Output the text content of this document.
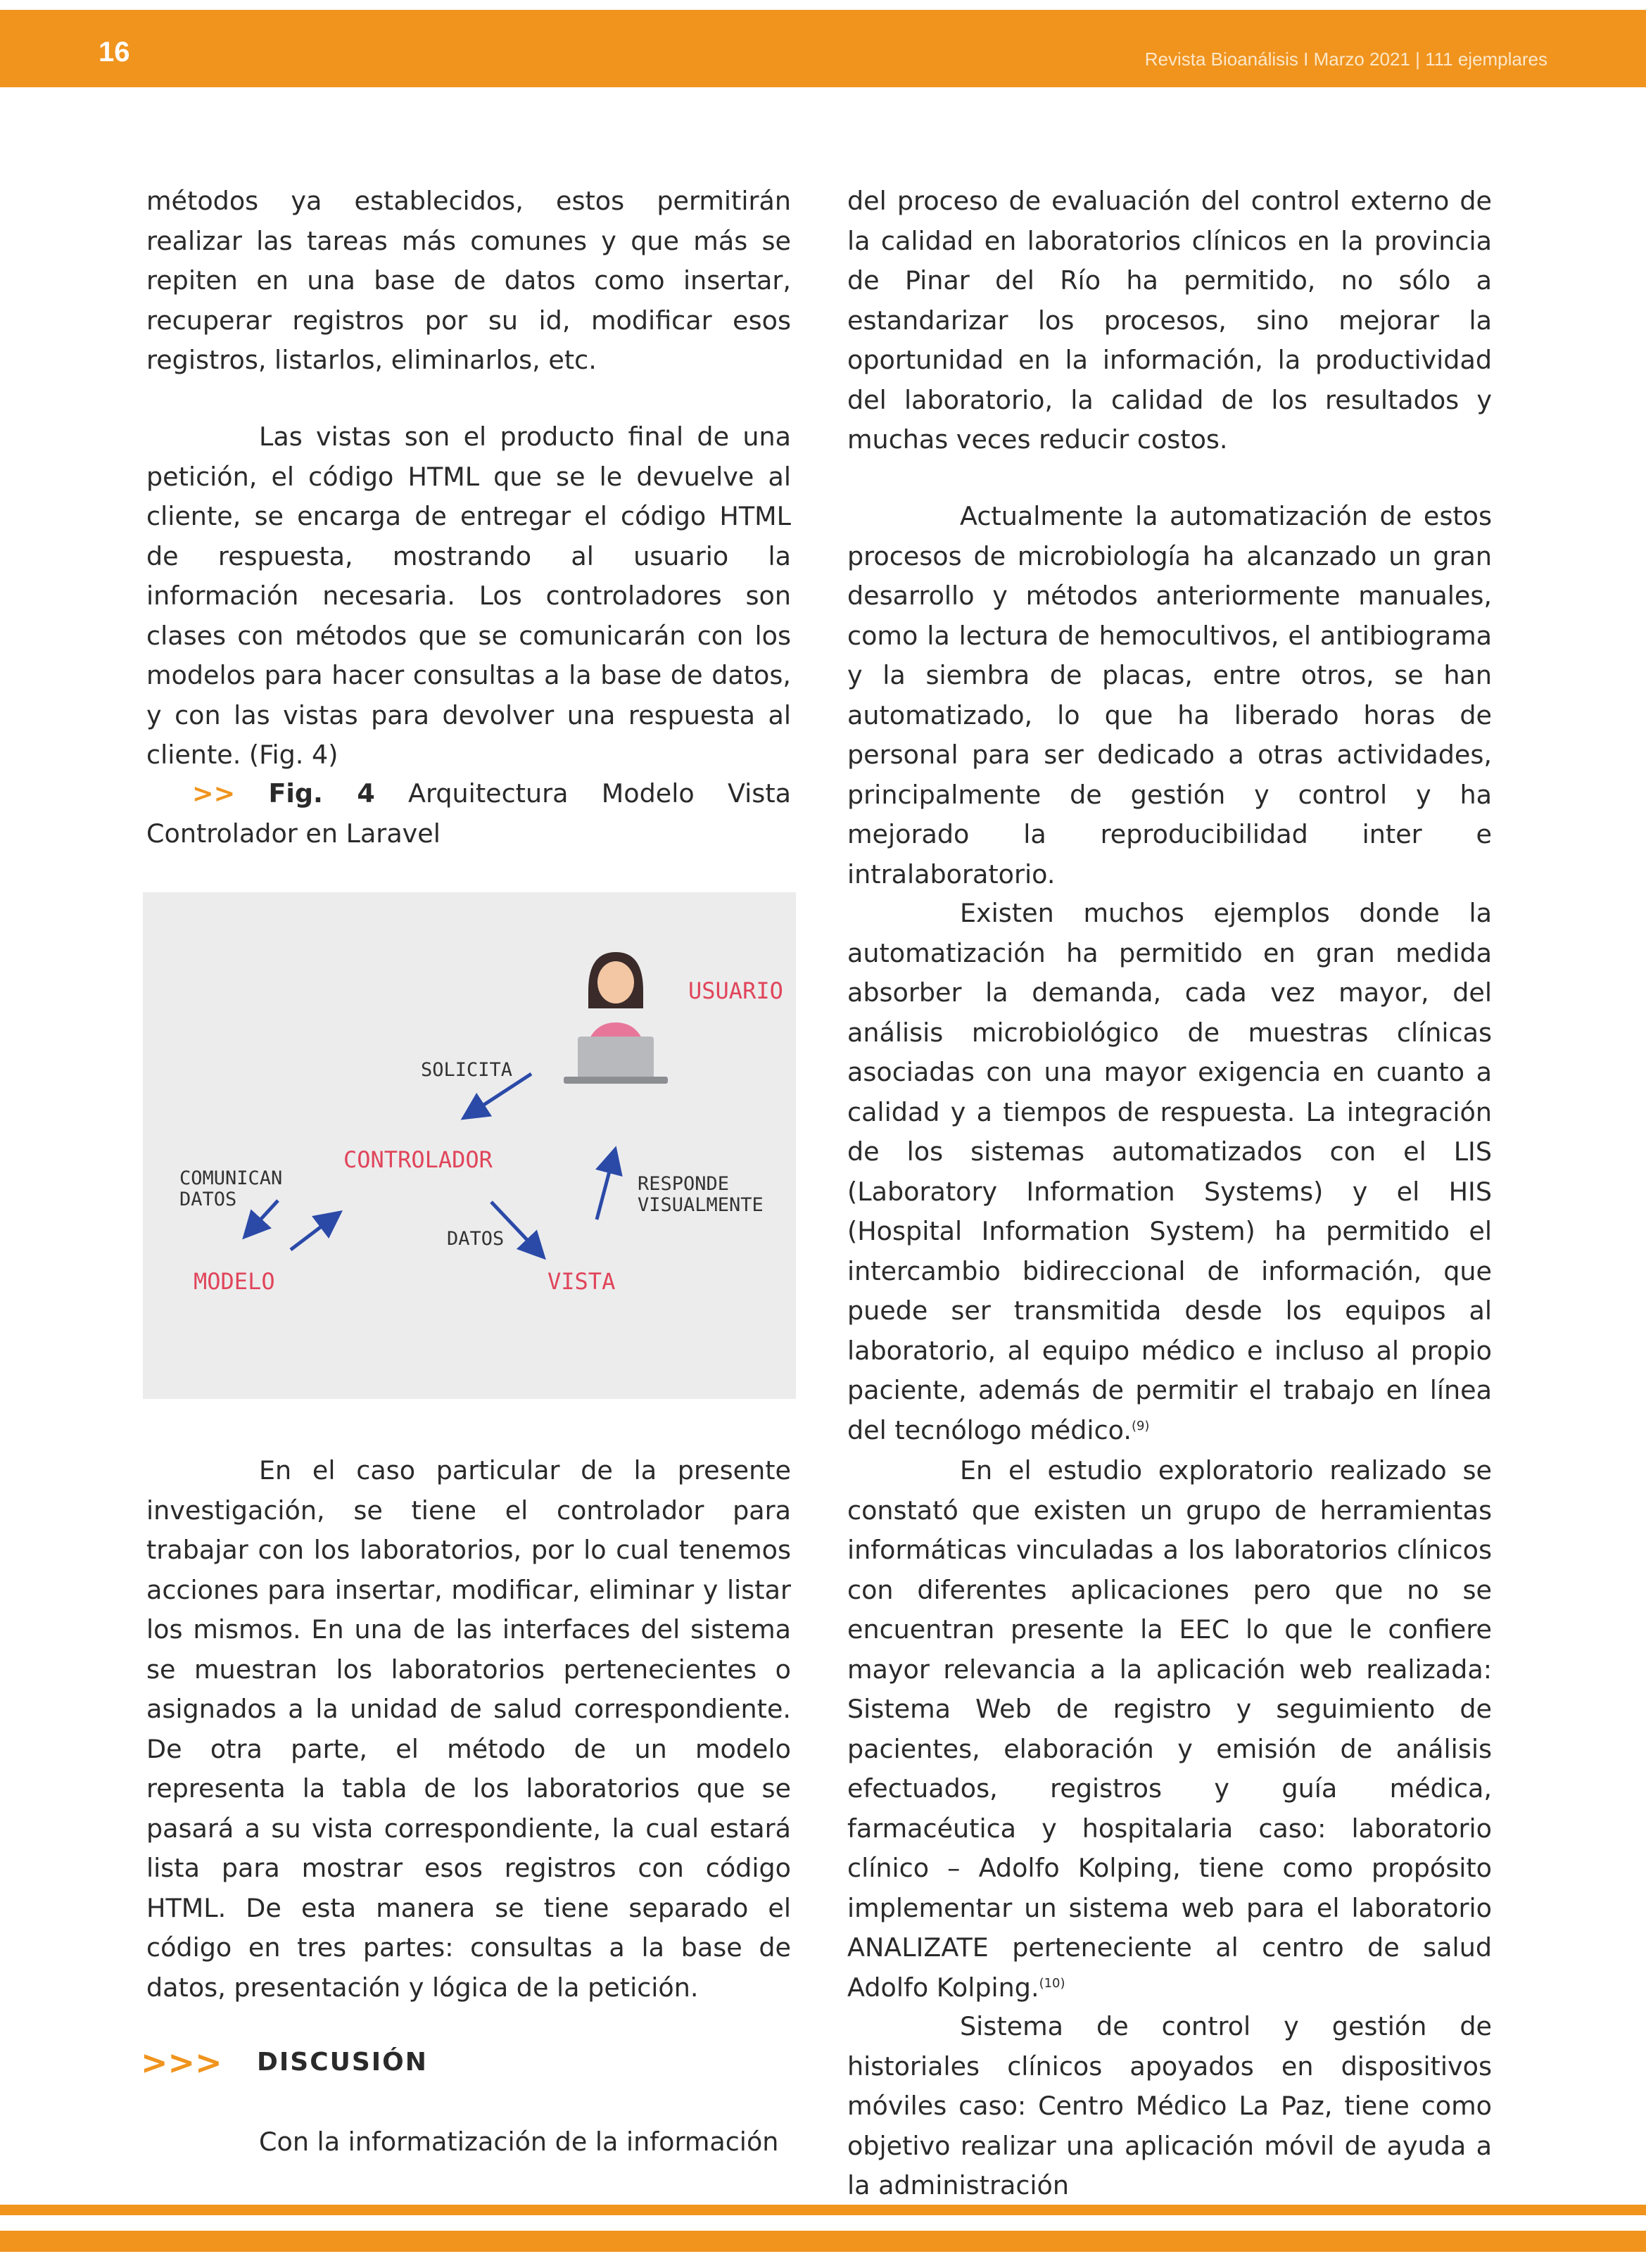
16	Revista Bioanálisis I Marzo 2021 | 111 ejemplares

métodos ya establecidos, estos permitirán realizar las tareas más comunes y que más se repiten en una base de datos como insertar, recuperar registros por su id, modificar esos registros, listarlos, eliminarlos, etc.

Las vistas son el producto final de una petición, el código HTML que se le devuelve al cliente, se encarga de entregar el código HTML de respuesta, mostrando al usuario la información necesaria. Los controladores son clases con métodos que se comunicarán con los modelos para hacer consultas a la base de datos, y con las vistas para devolver una respuesta al cliente. (Fig. 4)

>> Fig. 4 Arquitectura Modelo Vista Controlador en Laravel

En el caso particular de la presente investigación, se tiene el controlador para trabajar con los laboratorios, por lo cual tenemos acciones para insertar, modificar, eliminar y listar los mismos. En una de las interfaces del sistema se muestran los laboratorios pertenecientes o asignados a la unidad de salud correspondiente. De otra parte, el método de un modelo representa la tabla de los laboratorios que se pasará a su vista correspondiente, la cual estará lista para mostrar esos registros con código HTML. De esta manera se tiene separado el código en tres partes: consultas a la base de datos, presentación y lógica de la petición.

Con la informatización de la información

>>> DISCUSIÓN
USUARIO
SOLICITA
CONTROLADOR
COMUNICAN
DATOS
RESPONDE
VISUALMENTE
DATOS
MODELO	VISTA

del proceso de evaluación del control externo de la calidad en laboratorios clínicos en la provincia de Pinar del Río ha permitido, no sólo a estandarizar los procesos, sino mejorar la oportunidad en la información, la productividad del laboratorio, la calidad de los resultados y muchas veces reducir costos.

Actualmente la automatización de estos procesos de microbiología ha alcanzado un gran desarrollo y métodos anteriormente manuales, como la lectura de hemocultivos, el antibiograma y la siembra de placas, entre otros, se han automatizado, lo que ha liberado horas de personal para ser dedicado a otras actividades, principalmente de gestión y control y ha mejorado la reproducibilidad inter e intralaboratorio.

Existen muchos ejemplos donde la automatización ha permitido en gran medida absorber la demanda, cada vez mayor, del análisis microbiológico de muestras clínicas asociadas con una mayor exigencia en cuanto a calidad y a tiempos de respuesta. La integración de los sistemas automatizados con el LIS (Laboratory Information Systems) y el HIS (Hospital Information System) ha permitido el intercambio bidireccional de información, que puede ser transmitida desde los equipos al laboratorio, al equipo médico e incluso al propio paciente, además de permitir el trabajo en línea del tecnólogo médico.$^{(9)}$

En el estudio exploratorio realizado se constató que existen un grupo de herramientas informáticas vinculadas a los laboratorios clínicos con diferentes aplicaciones pero que no se encuentran presente la EEC lo que le confiere mayor relevancia a la aplicación web realizada: Sistema Web de registro y seguimiento de pacientes, elaboración y emisión de análisis efectuados, registros y guía médica, farmacéutica y hospitalaria caso: laboratorio clínico – Adolfo Kolping, tiene como propósito implementar un sistema web para el laboratorio ANALIZATE perteneciente al centro de salud Adolfo Kolping.$^{(10)}$

Sistema de control y gestión de historiales clínicos apoyados en dispositivos móviles caso: Centro Médico La Paz, tiene como objetivo realizar una aplicación móvil de ayuda a la administración
